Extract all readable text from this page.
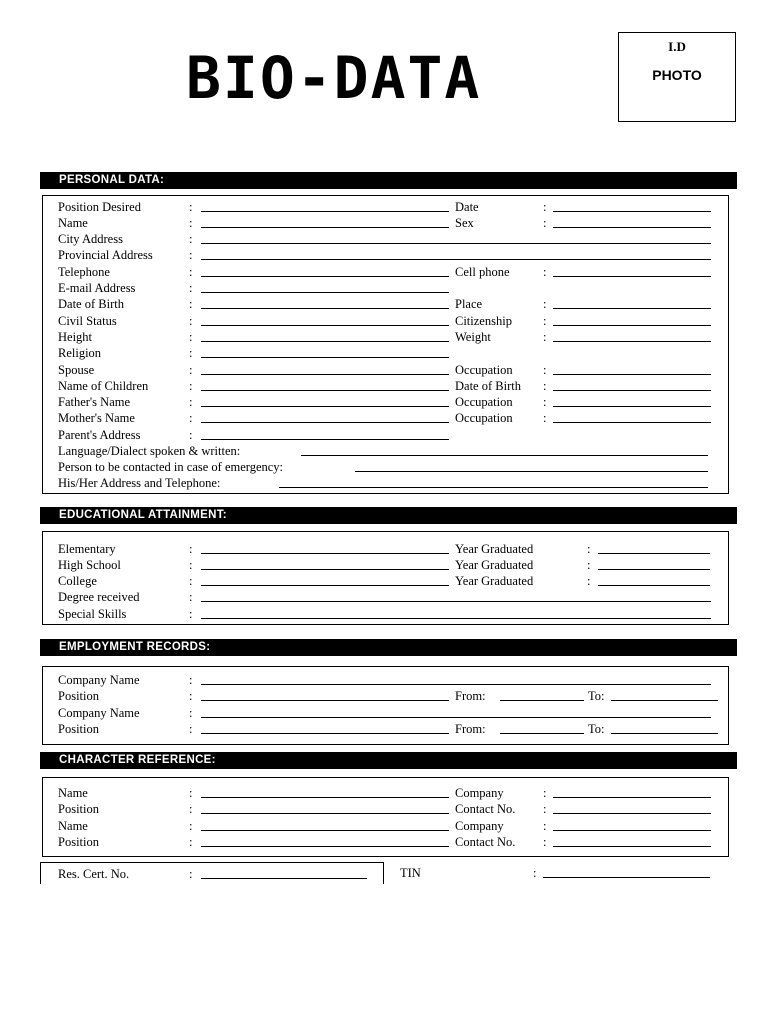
BIO-DATA	I.D
PHOTO
PERSONAL DATA:
Position Desired	:	Date	:
Name	:	Sex	:
City Address	:
Provincial Address	:
Telephone	:	Cell phone	:
E-mail Address	:
Date of Birth	:	Place	:
Civil Status	:	Citizenship :
Height	:	Weight	:
Religion	:
Spouse	:	Occupation :
Name of Children	:	Date of Birth :
Father's Name	:	Occupation :
Mother's Name	:	Occupation :
Parent's Address	:
Language/Dialect spoken & written:
Person to be contacted in case of emergency:
His/Her Address and Telephone:
EDUCATIONAL ATTAINMENT:
Elementary	:	Year Graduated	:
High School	:	Year Graduated	:
College	:	Year Graduated	:
Degree received	:
Special Skills	:
EMPLOYMENT RECORDS:
Company Name	:
Position	:	From:	To:
Company Name	:
Position	:	From:	To:
CHARACTER REFERENCE:
Name	:	Company	:
Position	:	Contact No. :
Name	:	Company	:
Position	:	Contact No. :
Res. Cert. No.	:	TIN	:
